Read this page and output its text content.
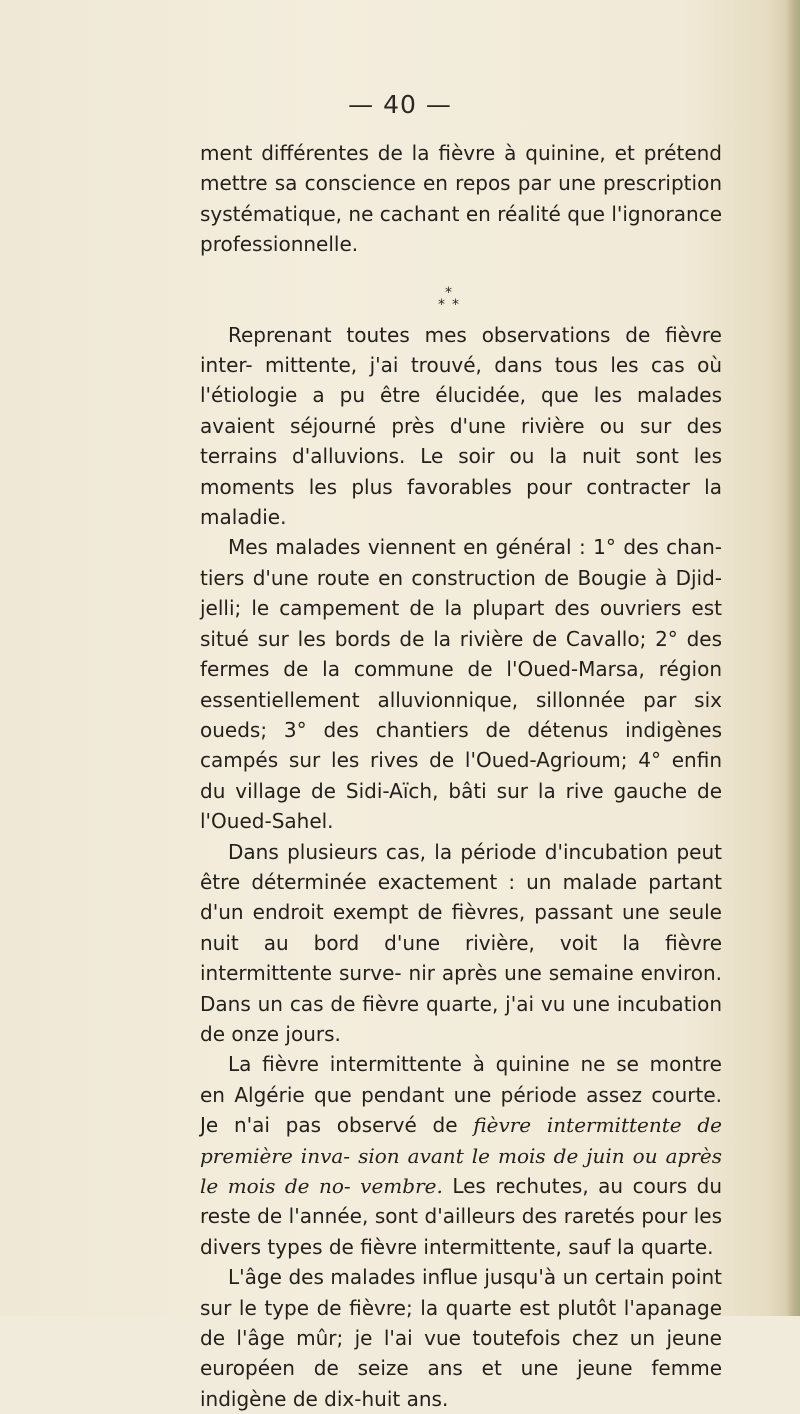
— 40 —

ment différentes de la fièvre à quinine, et prétend mettre sa conscience en repos par une prescription systématique, ne cachant en réalité que l'ignorance professionnelle.

*
* *

Reprenant toutes mes observations de fièvre inter- mittente, j'ai trouvé, dans tous les cas où l'étiologie a pu être élucidée, que les malades avaient séjourné près d'une rivière ou sur des terrains d'alluvions. Le soir ou la nuit sont les moments les plus favorables pour contracter la maladie.

Mes malades viennent en général : 1° des chan- tiers d'une route en construction de Bougie à Djid- jelli; le campement de la plupart des ouvriers est situé sur les bords de la rivière de Cavallo; 2° des fermes de la commune de l'Oued-Marsa, région essentiellement alluvionnique, sillonnée par six oueds; 3° des chantiers de détenus indigènes campés sur les rives de l'Oued-Agrioum; 4° enfin du village de Sidi-Aïch, bâti sur la rive gauche de l'Oued-Sahel.

Dans plusieurs cas, la période d'incubation peut être déterminée exactement : un malade partant d'un endroit exempt de fièvres, passant une seule nuit au bord d'une rivière, voit la fièvre intermittente surve- nir après une semaine environ. Dans un cas de fièvre quarte, j'ai vu une incubation de onze jours.

La fièvre intermittente à quinine ne se montre en Algérie que pendant une période assez courte. Je n'ai pas observé de fièvre intermittente de première inva- sion avant le mois de juin ou après le mois de no- vembre. Les rechutes, au cours du reste de l'année, sont d'ailleurs des raretés pour les divers types de fièvre intermittente, sauf la quarte.

L'âge des malades influe jusqu'à un certain point sur le type de fièvre; la quarte est plutôt l'apanage de l'âge mûr; je l'ai vue toutefois chez un jeune européen de seize ans et une jeune femme indigène de dix-huit ans.
